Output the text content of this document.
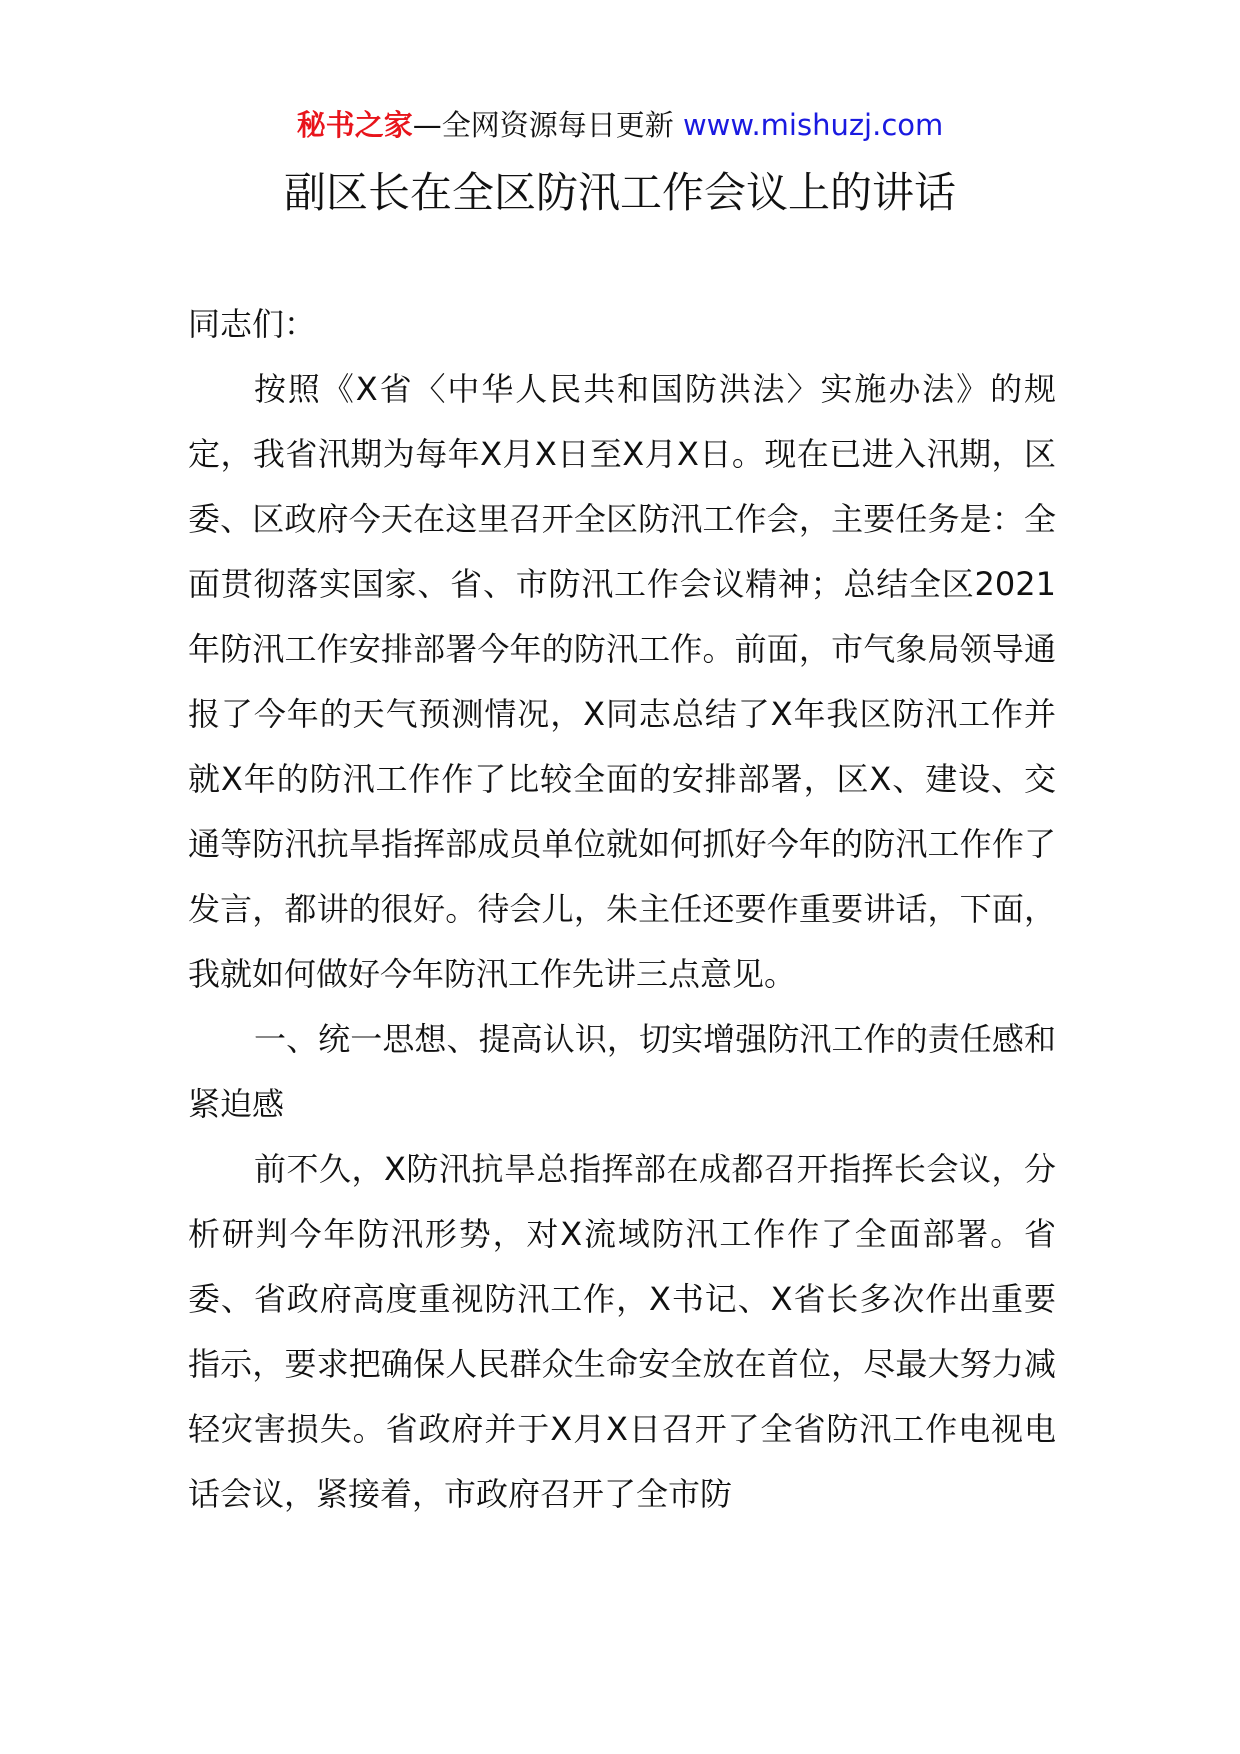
秘书之家—全网资源每日更新 www.mishuzj.com
副区长在全区防汛工作会议上的讲话

同志们：

按照《X省〈中华人民共和国防洪法〉实施办法》的规定，我省汛期为每年X月X日至X月X日。现在已进入汛期，区委、区政府今天在这里召开全区防汛工作会，主要任务是：全面贯彻落实国家、省、市防汛工作会议精神；总结全区2021年防汛工作安排部署今年的防汛工作。前面，市气象局领导通报了今年的天气预测情况，X同志总结了X年我区防汛工作并就X年的防汛工作作了比较全面的安排部署，区X、建设、交通等防汛抗旱指挥部成员单位就如何抓好今年的防汛工作作了发言，都讲的很好。待会儿，朱主任还要作重要讲话，下面，我就如何做好今年防汛工作先讲三点意见。

一、统一思想、提高认识，切实增强防汛工作的责任感和紧迫感

前不久，X防汛抗旱总指挥部在成都召开指挥长会议，分析研判今年防汛形势，对X流域防汛工作作了全面部署。省委、省政府高度重视防汛工作，X书记、X省长多次作出重要指示，要求把确保人民群众生命安全放在首位，尽最大努力减轻灾害损失。省政府并于X月X日召开了全省防汛工作电视电话会议，紧接着，市政府召开了全市防
